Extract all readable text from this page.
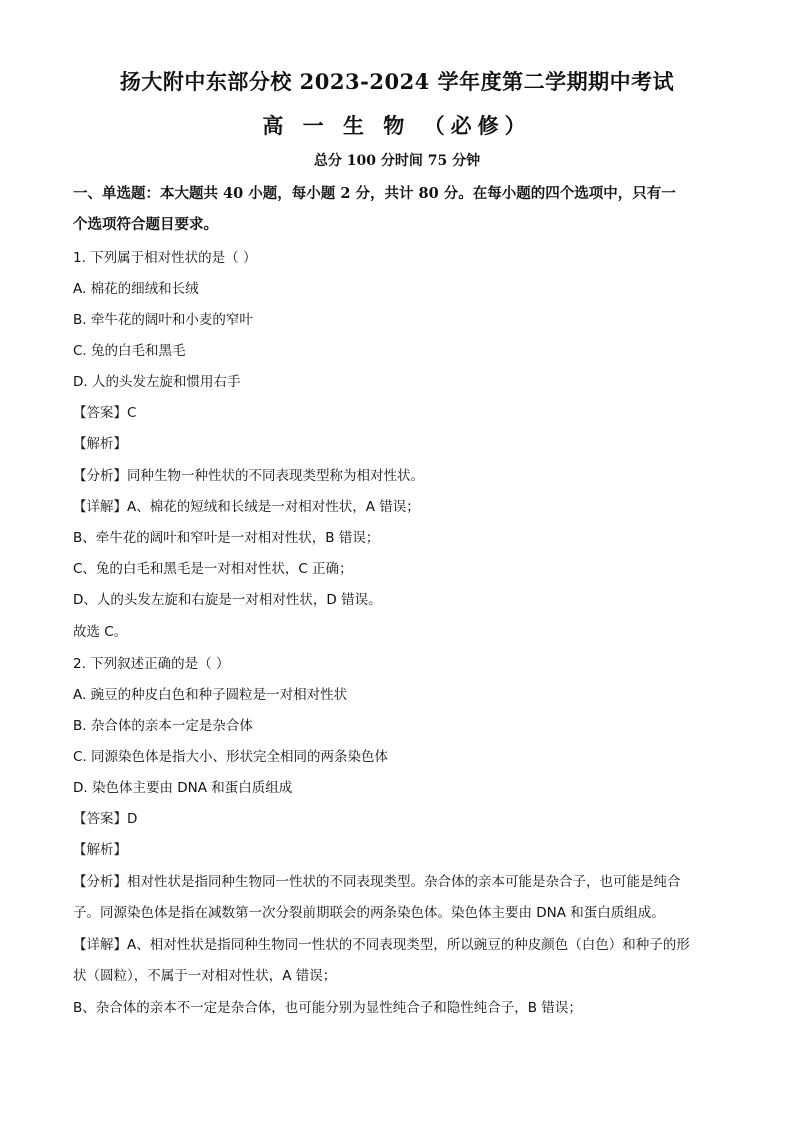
扬大附中东部分校 2023-2024 学年度第二学期期中考试
高 一 生 物 （必修）
总分 100 分时间 75 分钟
一、单选题：本大题共 40 小题，每小题 2 分，共计 80 分。在每小题的四个选项中，只有一
个选项符合题目要求。
1. 下列属于相对性状的是（ ）
A. 棉花的细绒和长绒
B. 牵牛花的阔叶和小麦的窄叶
C. 兔的白毛和黑毛
D. 人的头发左旋和惯用右手
【答案】C
【解析】
【分析】同种生物一种性状的不同表现类型称为相对性状。
【详解】A、棉花的短绒和长绒是一对相对性状，A 错误；
B、牵牛花的阔叶和窄叶是一对相对性状，B 错误；
C、兔的白毛和黑毛是一对相对性状，C 正确；
D、人的头发左旋和右旋是一对相对性状，D 错误。
故选 C。
2. 下列叙述正确的是（ ）
A. 豌豆的种皮白色和种子圆粒是一对相对性状
B. 杂合体的亲本一定是杂合体
C. 同源染色体是指大小、形状完全相同的两条染色体
D. 染色体主要由 DNA 和蛋白质组成
【答案】D
【解析】
【分析】相对性状是指同种生物同一性状的不同表现类型。杂合体的亲本可能是杂合子，也可能是纯合
子。同源染色体是指在减数第一次分裂前期联会的两条染色体。染色体主要由 DNA 和蛋白质组成。
【详解】A、相对性状是指同种生物同一性状的不同表现类型，所以豌豆的种皮颜色（白色）和种子的形
状（圆粒），不属于一对相对性状，A 错误；
B、杂合体的亲本不一定是杂合体，也可能分别为显性纯合子和隐性纯合子，B 错误；
